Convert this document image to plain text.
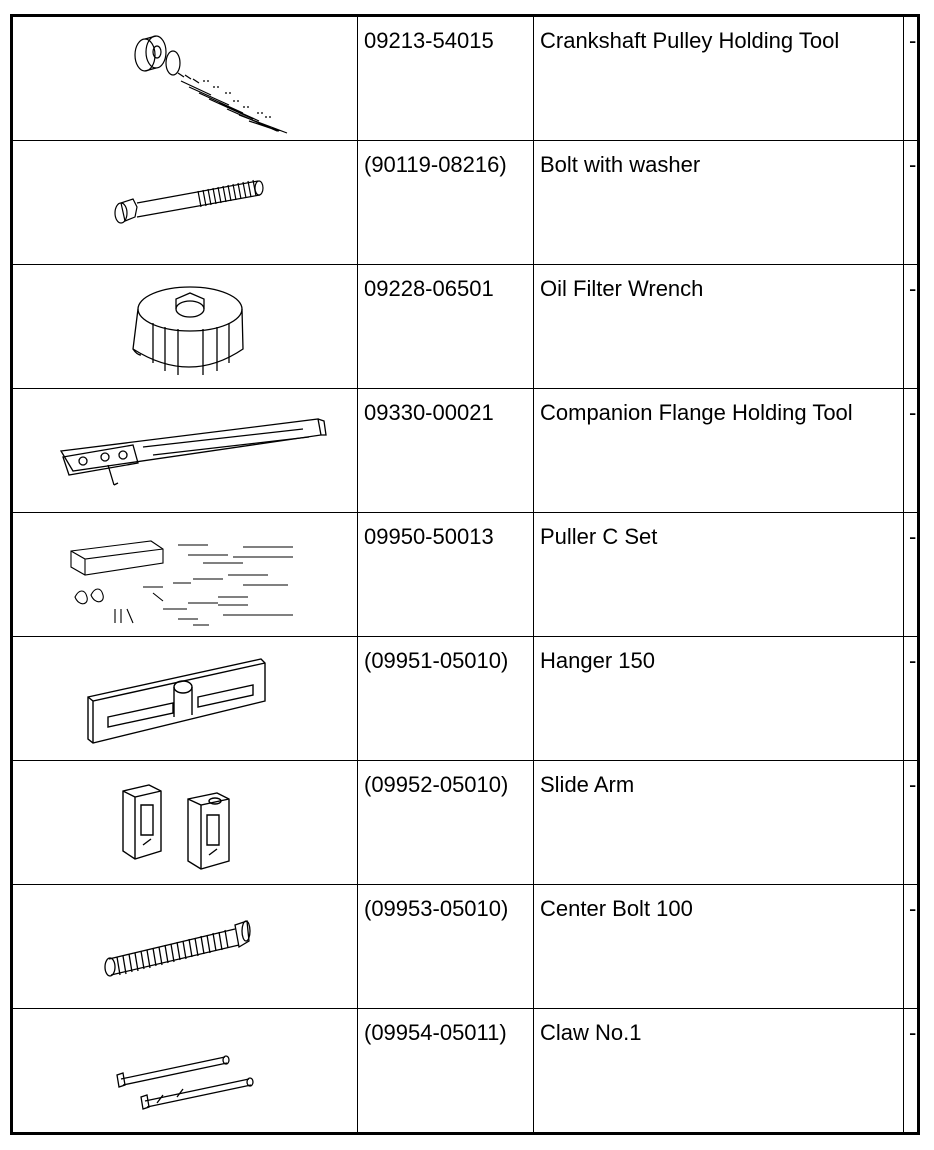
09213-54015	Crankshaft Pulley Holding Tool	-
(90119-08216)	Bolt with washer	-
09228-06501	Oil Filter Wrench	-
09330-00021	Companion Flange Holding Tool	-
09950-50013	Puller C Set	-
(09951-05010)	Hanger 150	-
(09952-05010)	Slide Arm	-
(09953-05010)	Center Bolt 100	-
(09954-05011)	Claw No.1	-
